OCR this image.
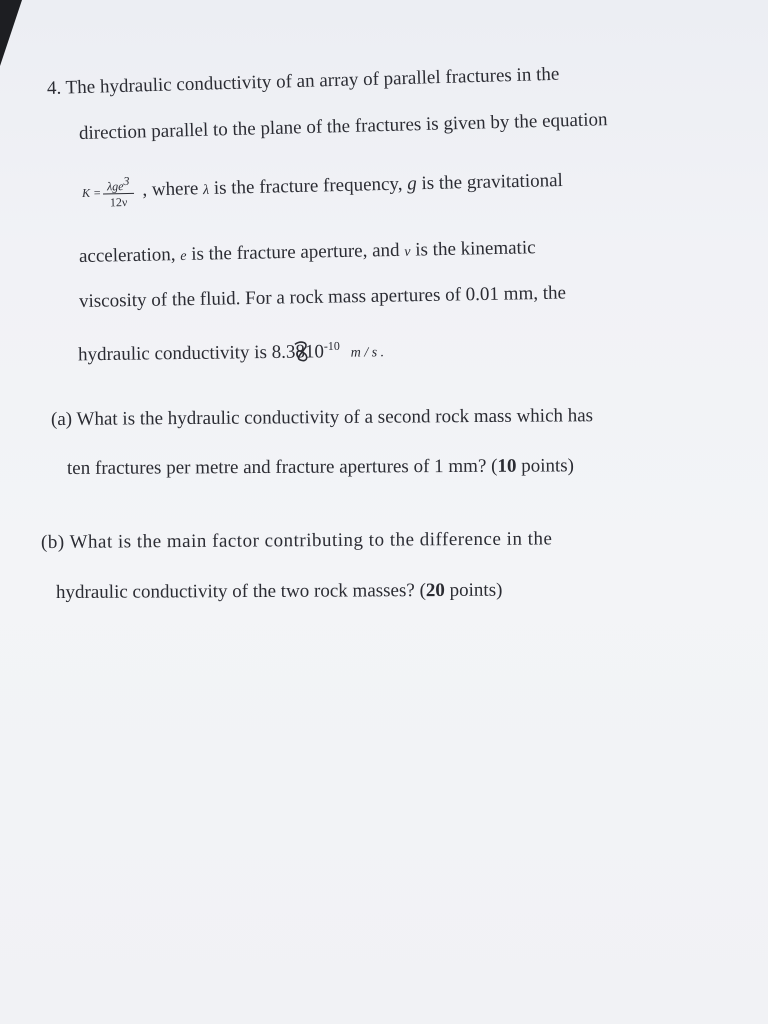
4. The hydraulic conductivity of an array of parallel fractures in the
direction parallel to the plane of the fractures is given by the equation
$K = \frac{\lambda ge^3}{12\nu}$ , where λ is the fracture frequency, g is the gravitational
acceleration, e is the fracture aperture, and ν is the kinematic
viscosity of the fluid. For a rock mass apertures of 0.01 mm, the
hydraulic conductivity is 8.38
$10^{-10}$ m / s .
(a) What is the hydraulic conductivity of a second rock mass which has
ten fractures per metre and fracture apertures of 1 mm? (10 points)
(b) What is the main factor contributing to the difference in the
hydraulic conductivity of the two rock masses? (20 points)
